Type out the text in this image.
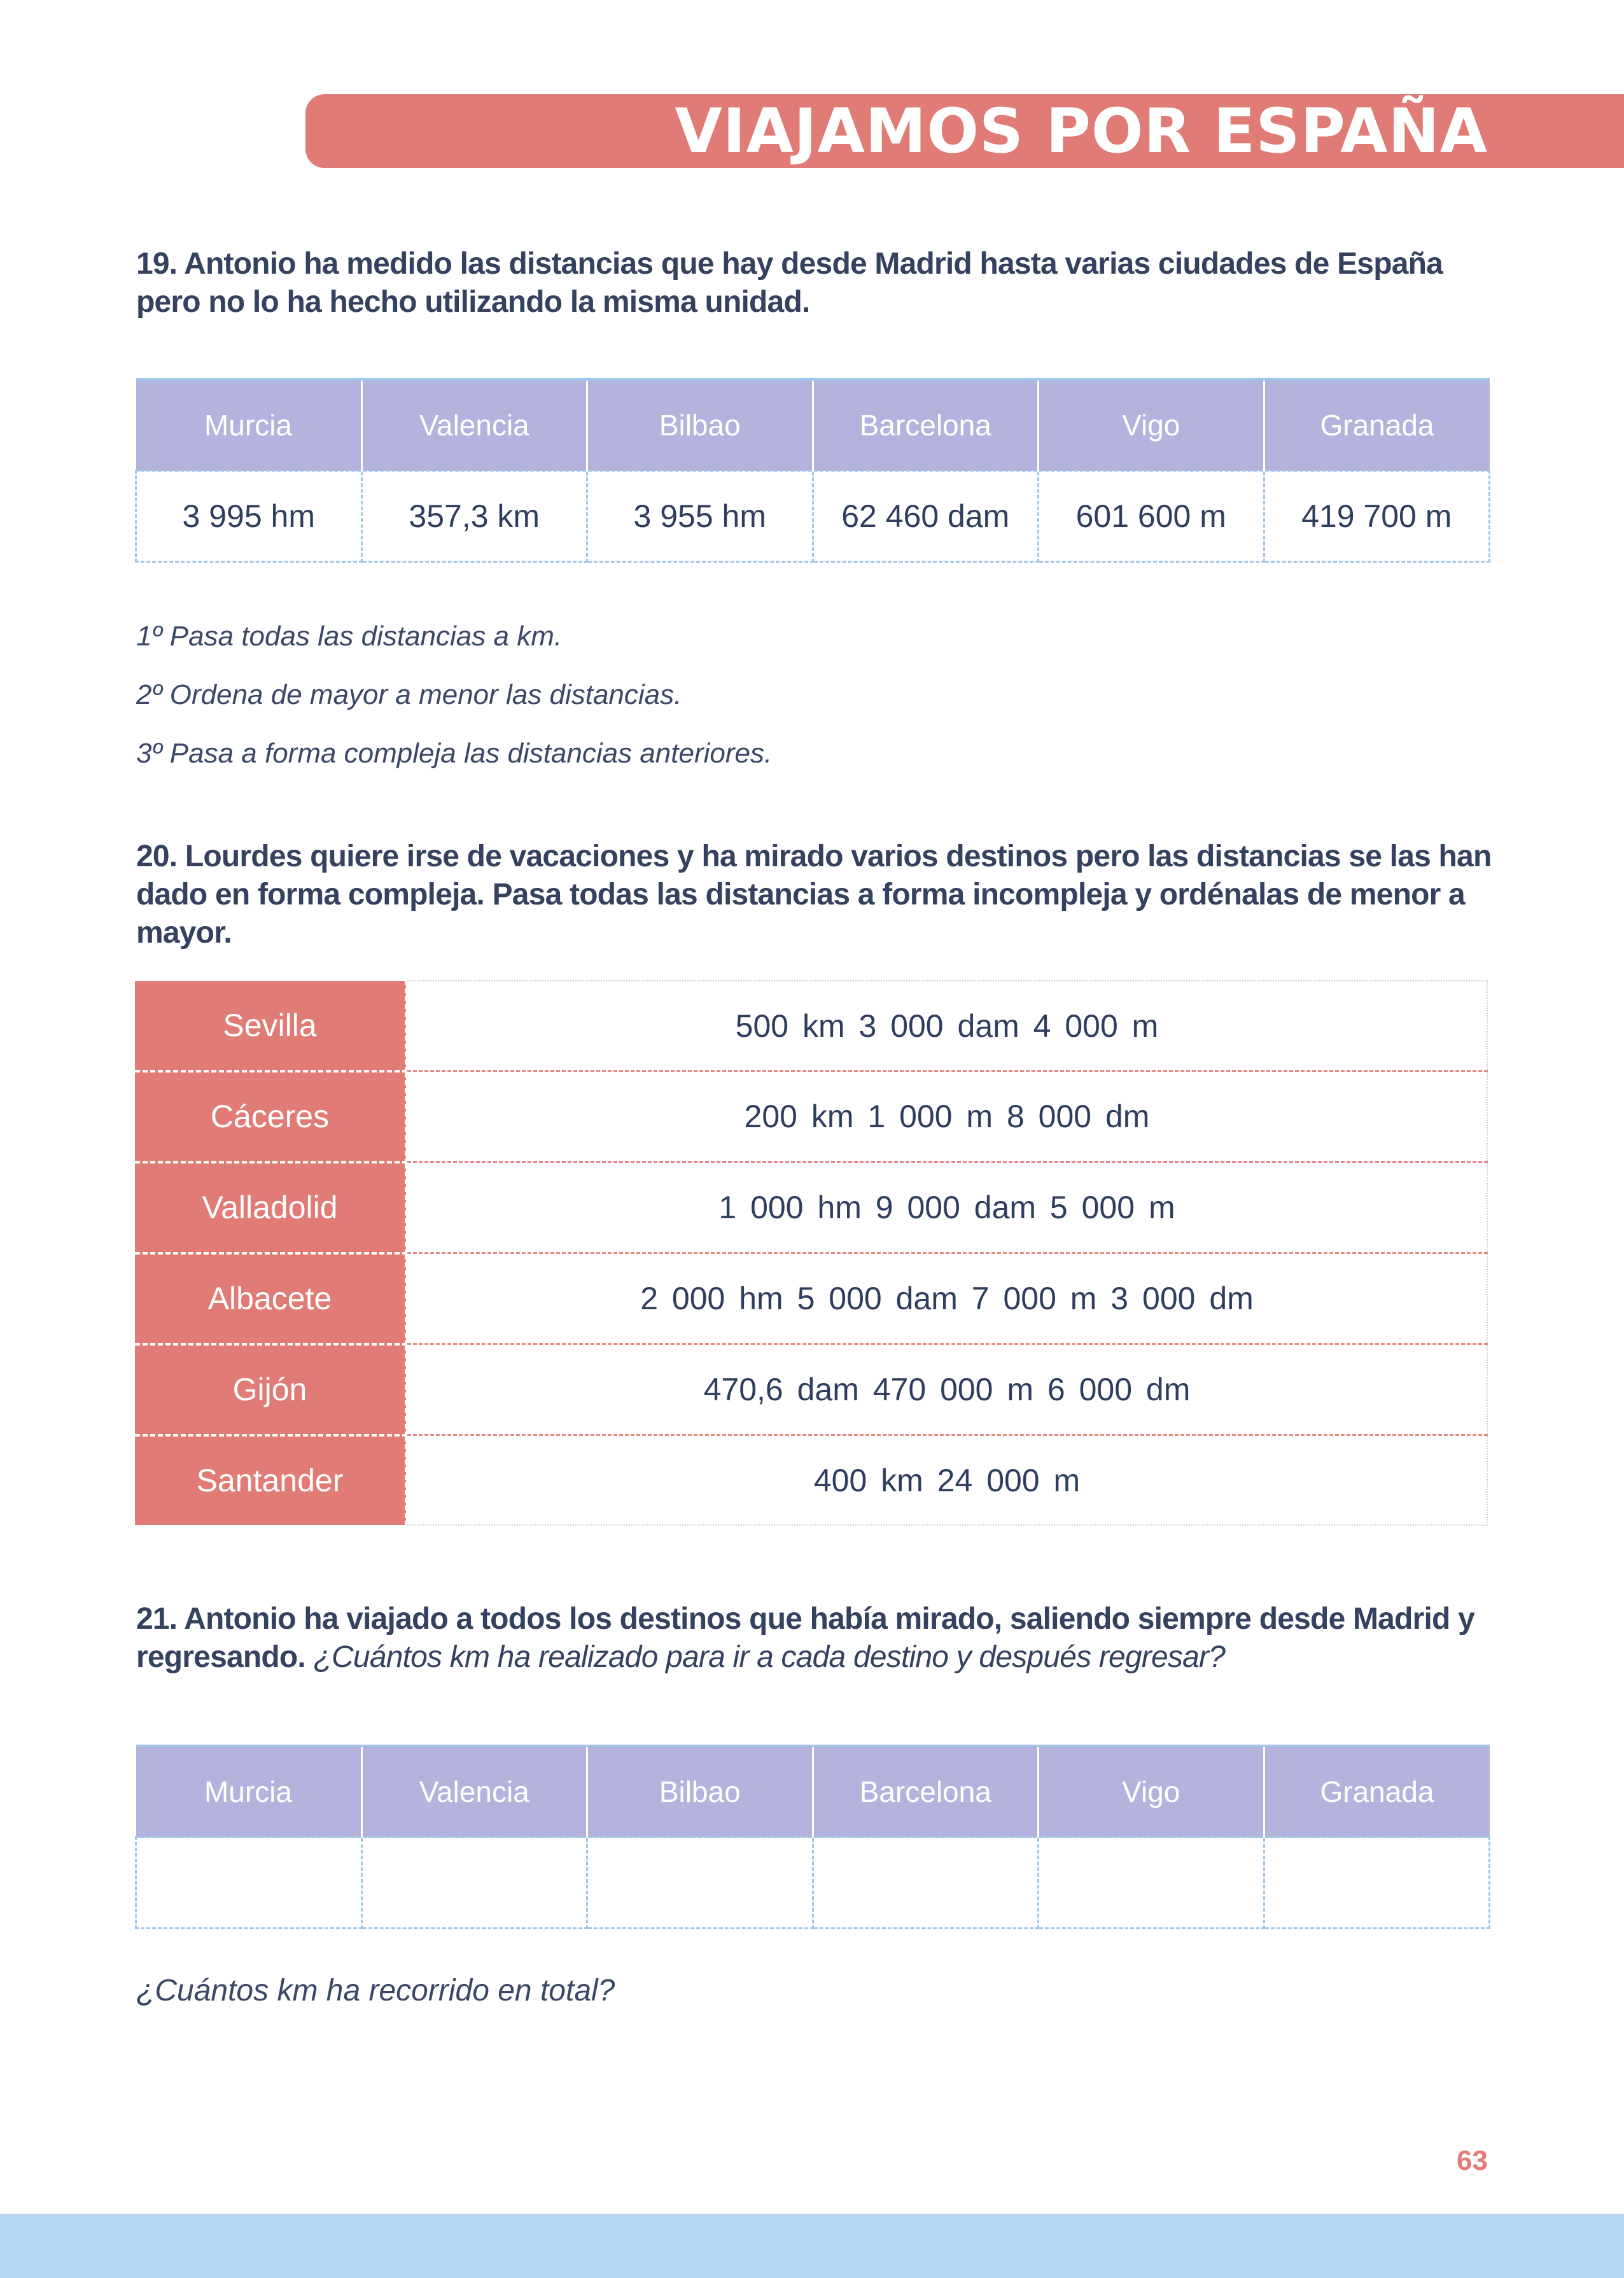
VIAJAMOS POR ESPAÑA
19. Antonio ha medido las distancias que hay desde Madrid hasta varias ciudades de España pero no lo ha hecho utilizando la misma unidad.
Murcia	Valencia	Bilbao	Barcelona	Vigo	Granada
3 995 hm	357,3 km	3 955 hm	62 460 dam	601 600 m	419 700 m
1º Pasa todas las distancias a km.
2º Ordena de mayor a menor las distancias.
3º Pasa a forma compleja las distancias anteriores.
20. Lourdes quiere irse de vacaciones y ha mirado varios destinos pero las distancias se las han dado en forma compleja. Pasa todas las distancias a forma incompleja y ordénalas de menor a mayor.
Sevilla	500 km 3 000 dam 4 000 m
Cáceres	200 km 1 000 m 8 000 dm
Valladolid	1 000 hm 9 000 dam 5 000 m
Albacete	2 000 hm 5 000 dam 7 000 m 3 000 dm
Gijón	470,6 dam 470 000 m 6 000 dm
Santander	400 km 24 000 m
21. Antonio ha viajado a todos los destinos que había mirado, saliendo siempre desde Madrid y regresando. ¿Cuántos km ha realizado para ir a cada destino y después regresar?
Murcia	Valencia	Bilbao	Barcelona	Vigo	Granada

¿Cuántos km ha recorrido en total?
63
